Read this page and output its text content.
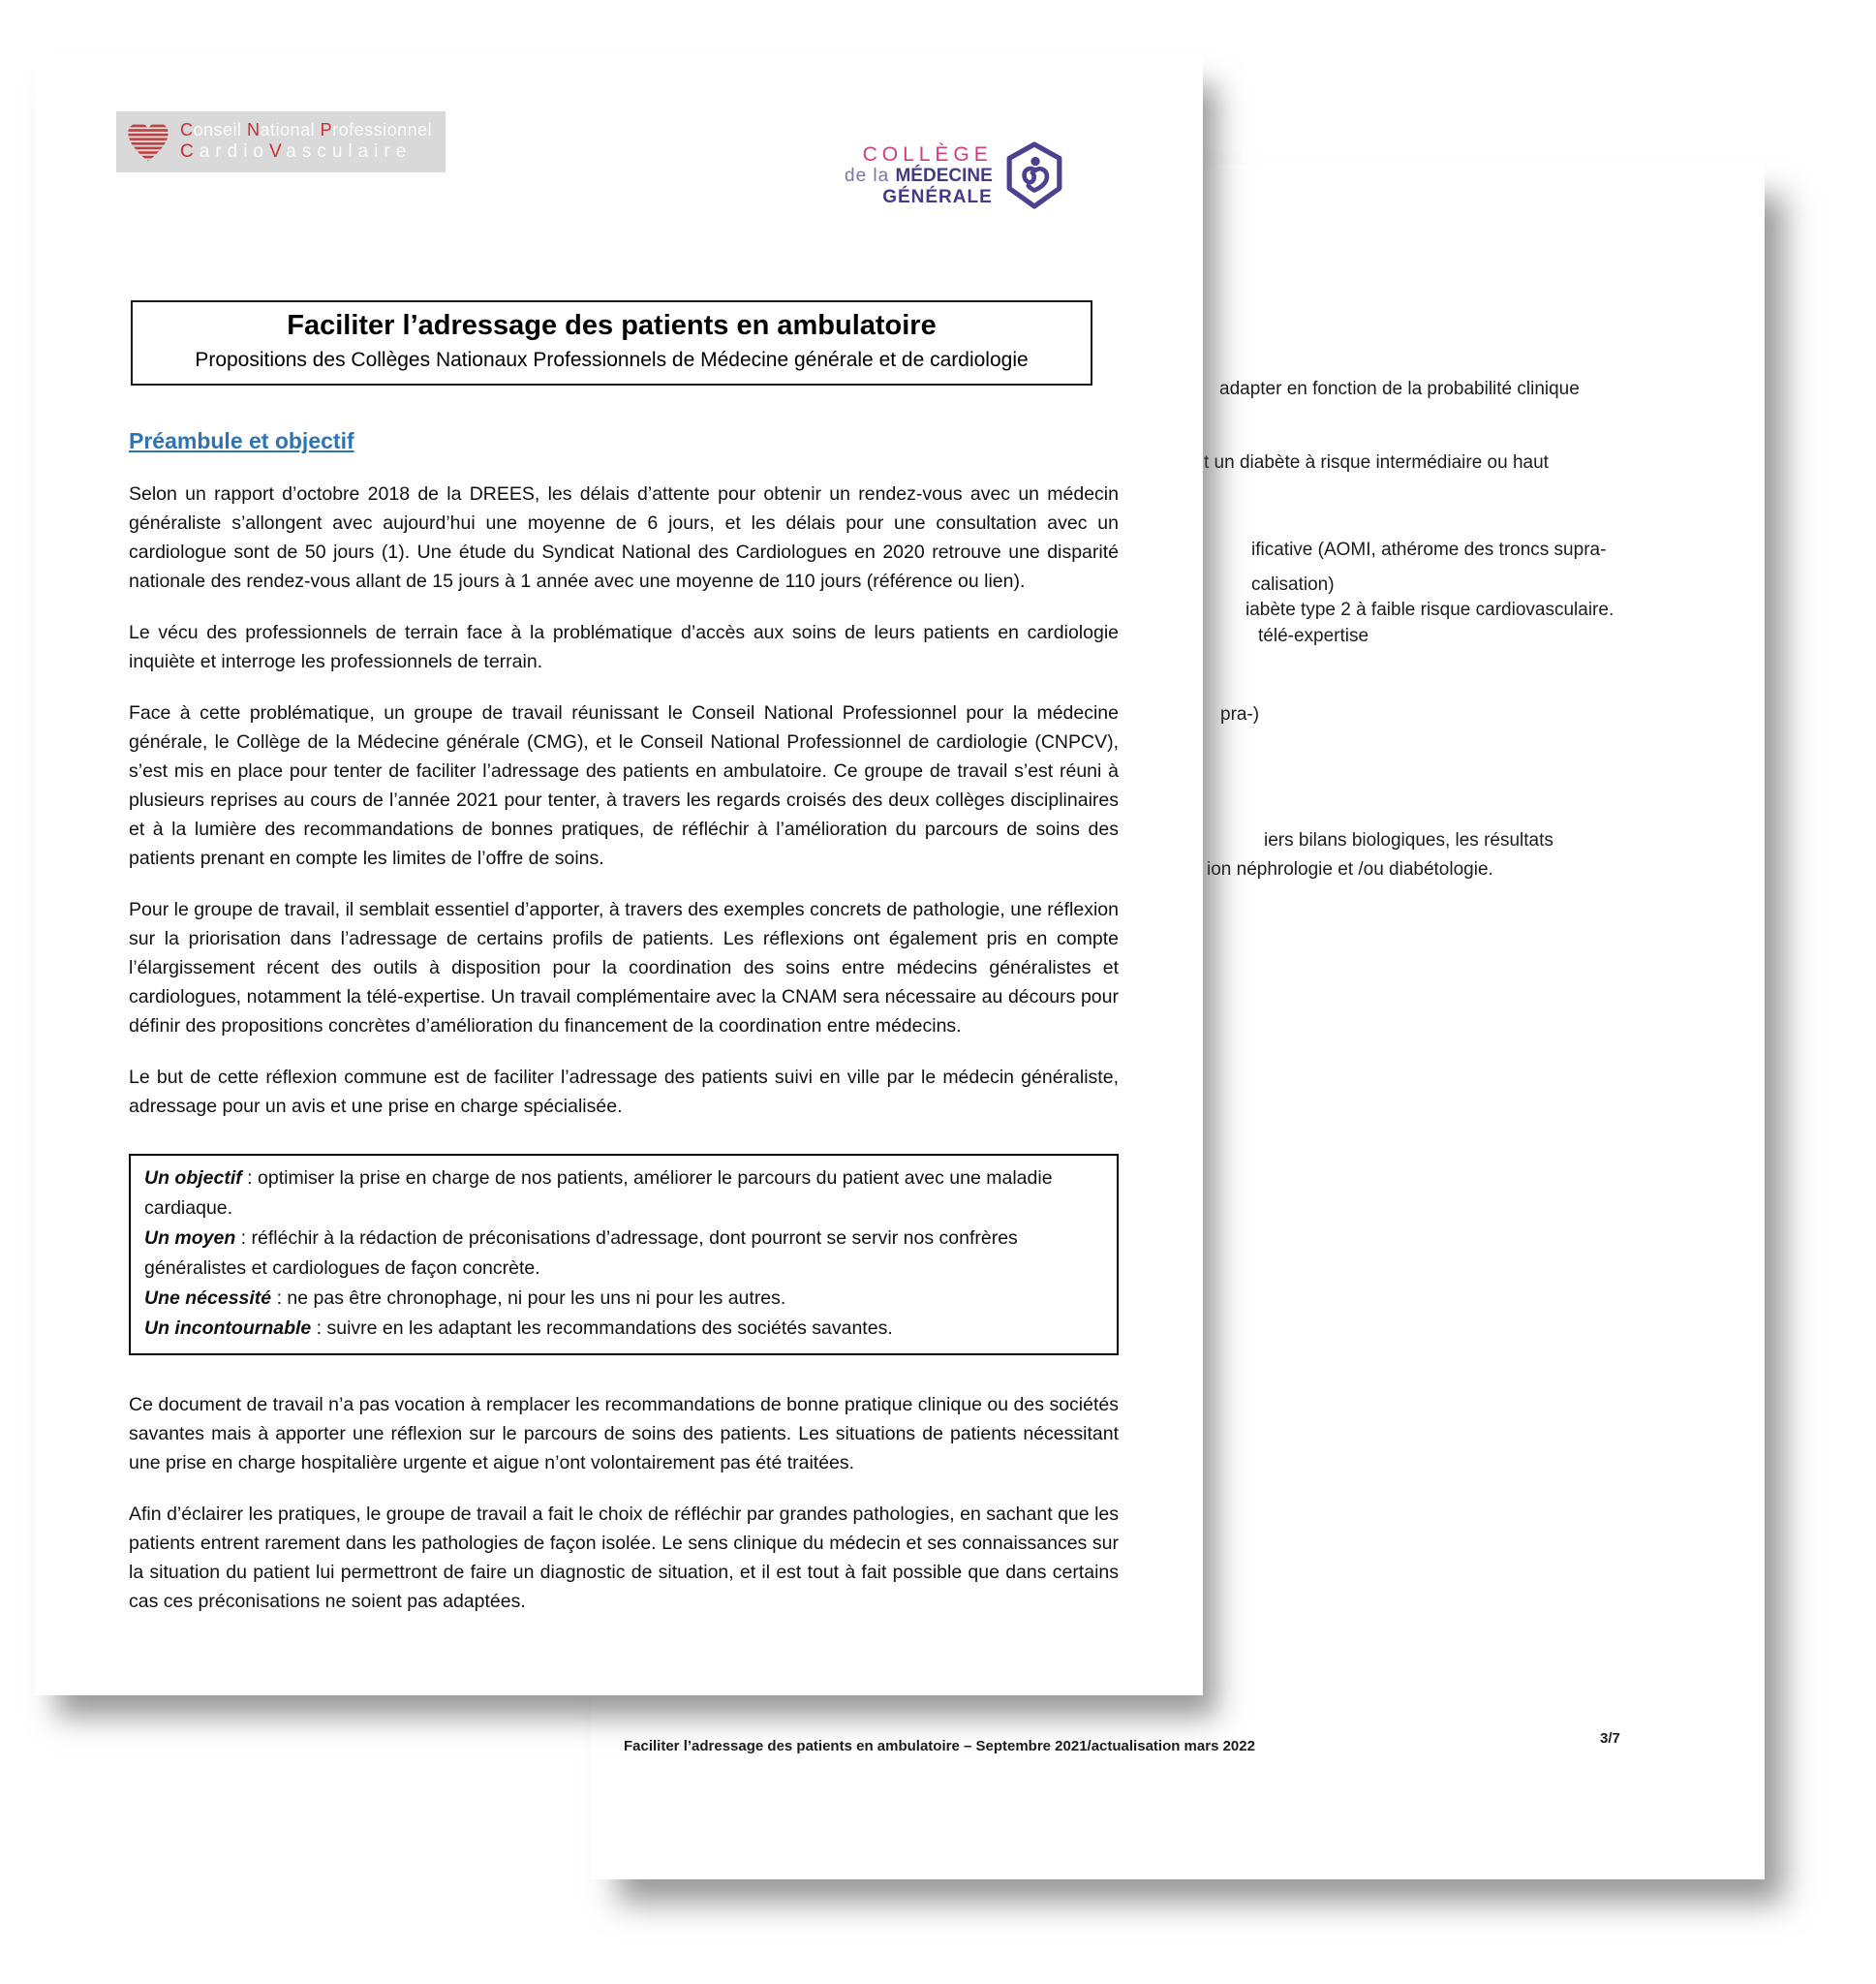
adapter en fonction de la probabilité clinique
t un diabète à risque intermédiaire ou haut
ificative (AOMI, athérome des troncs supra-
calisation)
iabète type 2 à faible risque cardiovasculaire.
télé-expertise
pra-)
iers bilans biologiques, les résultats
ion néphrologie et /ou diabétologie.
Faciliter l’adressage des patients en ambulatoire – Septembre 2021/actualisation mars 2022	3/7
Conseil National Professionnel
CardioVasculaire	COLLÈGE
de la MÉDECINE
GÉNÉRALE
Faciliter l’adressage des patients en ambulatoire
Propositions des Collèges Nationaux Professionnels de Médecine générale et de cardiologie
Préambule et objectif

Selon un rapport d’octobre 2018 de la DREES, les délais d’attente pour obtenir un rendez-vous avec un médecin généraliste s’allongent avec aujourd’hui une moyenne de 6 jours, et les délais pour une consultation avec un cardiologue sont de 50 jours (1). Une étude du Syndicat National des Cardiologues en 2020 retrouve une disparité nationale des rendez-vous allant de 15 jours à 1 année avec une moyenne de 110 jours (référence ou lien).

Le vécu des professionnels de terrain face à la problématique d’accès aux soins de leurs patients en cardiologie inquiète et interroge les professionnels de terrain.

Face à cette problématique, un groupe de travail réunissant le Conseil National Professionnel pour la médecine générale, le Collège de la Médecine générale (CMG), et le Conseil National Professionnel de cardiologie (CNPCV), s’est mis en place pour tenter de faciliter l’adressage des patients en ambulatoire. Ce groupe de travail s’est réuni à plusieurs reprises au cours de l’année 2021 pour tenter, à travers les regards croisés des deux collèges disciplinaires et à la lumière des recommandations de bonnes pratiques, de réfléchir à l’amélioration du parcours de soins des patients prenant en compte les limites de l’offre de soins.

Pour le groupe de travail, il semblait essentiel d’apporter, à travers des exemples concrets de pathologie, une réflexion sur la priorisation dans l’adressage de certains profils de patients. Les réflexions ont également pris en compte l’élargissement récent des outils à disposition pour la coordination des soins entre médecins généralistes et cardiologues, notamment la télé-expertise. Un travail complémentaire avec la CNAM sera nécessaire au décours pour définir des propositions concrètes d’amélioration du financement de la coordination entre médecins.

Le but de cette réflexion commune est de faciliter l’adressage des patients suivi en ville par le médecin généraliste, adressage pour un avis et une prise en charge spécialisée.

Un objectif : optimiser la prise en charge de nos patients, améliorer le parcours du patient avec une maladie cardiaque.
Un moyen : réfléchir à la rédaction de préconisations d’adressage, dont pourront se servir nos confrères généralistes et cardiologues de façon concrète.
Une nécessité : ne pas être chronophage, ni pour les uns ni pour les autres.
Un incontournable : suivre en les adaptant les recommandations des sociétés savantes.

Ce document de travail n’a pas vocation à remplacer les recommandations de bonne pratique clinique ou des sociétés savantes mais à apporter une réflexion sur le parcours de soins des patients. Les situations de patients nécessitant une prise en charge hospitalière urgente et aigue n’ont volontairement pas été traitées.

Afin d’éclairer les pratiques, le groupe de travail a fait le choix de réfléchir par grandes pathologies, en sachant que les patients entrent rarement dans les pathologies de façon isolée. Le sens clinique du médecin et ses connaissances sur la situation du patient lui permettront de faire un diagnostic de situation, et il est tout à fait possible que dans certains cas ces préconisations ne soient pas adaptées.
